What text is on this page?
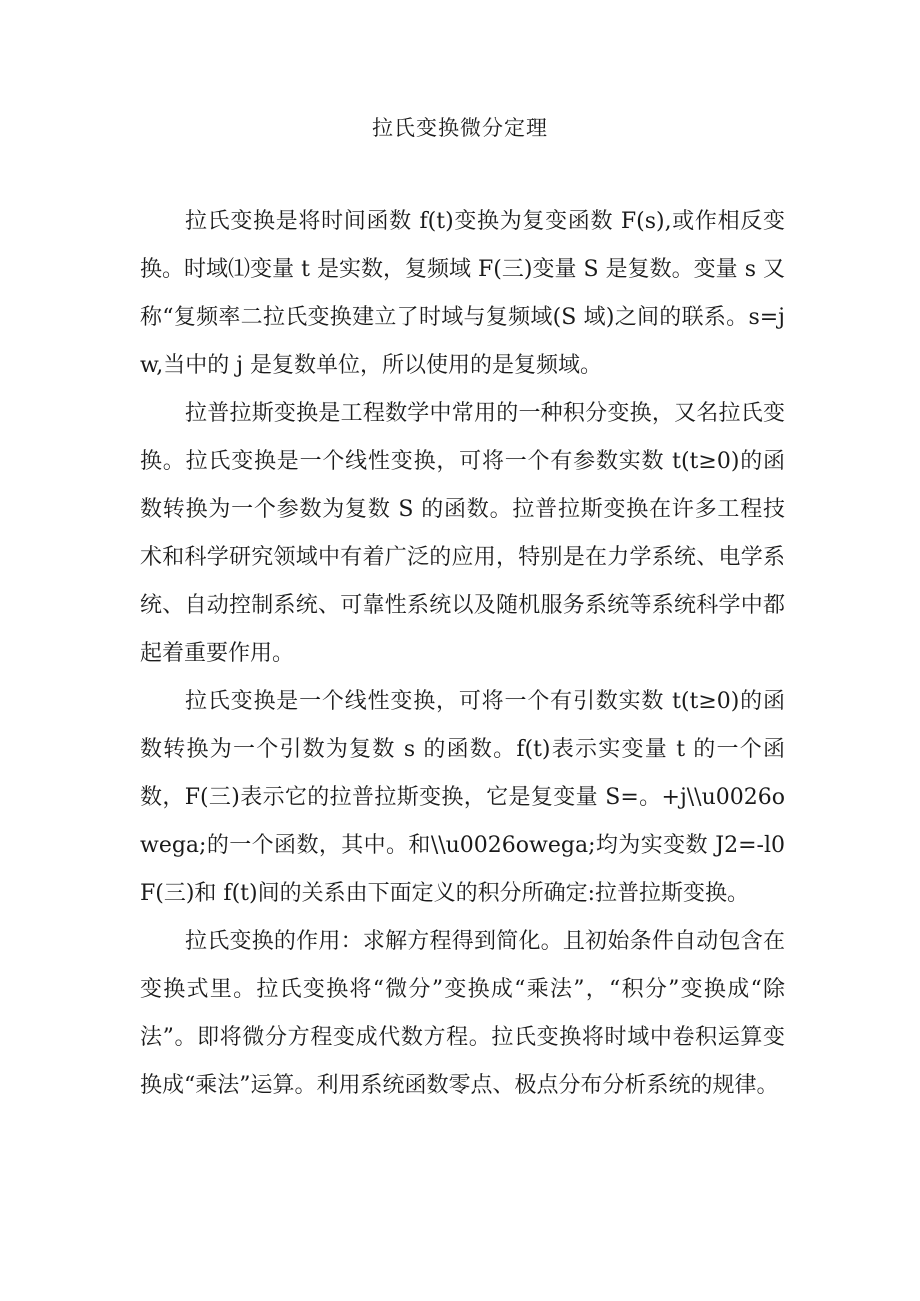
拉氏变换微分定理

拉氏变换是将时间函数 f(t)变换为复变函数 F(s),或作相反变换。时域⑴变量 t 是实数，复频域 F(三)变量 S 是复数。变量 s 又称“复频率二拉氏变换建立了时域与复频域(S 域)之间的联系。s=jw,当中的 j 是复数单位，所以使用的是复频域。

拉普拉斯变换是工程数学中常用的一种积分变换，又名拉氏变换。拉氏变换是一个线性变换，可将一个有参数实数 t(t≥0)的函数转换为一个参数为复数 S 的函数。拉普拉斯变换在许多工程技术和科学研究领域中有着广泛的应用，特别是在力学系统、电学系统、自动控制系统、可靠性系统以及随机服务系统等系统科学中都起着重要作用。

拉氏变换是一个线性变换，可将一个有引数实数 t(t≥0)的函数转换为一个引数为复数 s 的函数。f(t)表示实变量 t 的一个函数，F(三)表示它的拉普拉斯变换，它是复变量 S=。+j\\u0026owega;的一个函数，其中。和\\u0026owega;均为实变数 J2=-l0F(三)和 f(t)间的关系由下面定义的积分所确定:拉普拉斯变换。

拉氏变换的作用：求解方程得到简化。且初始条件自动包含在变换式里。拉氏变换将“微分”变换成“乘法”，“积分”变换成“除法”。即将微分方程变成代数方程。拉氏变换将时域中卷积运算变换成“乘法”运算。利用系统函数零点、极点分布分析系统的规律。
